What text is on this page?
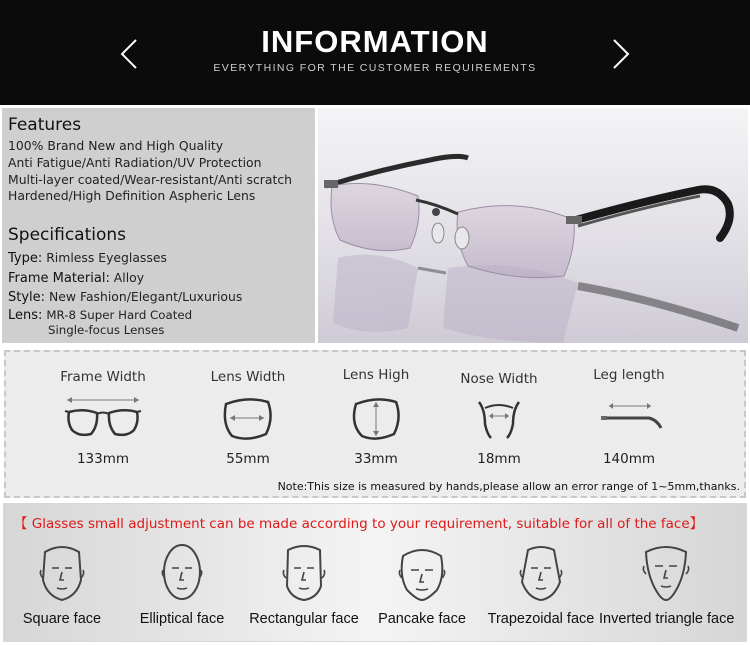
INFORMATION
EVERYTHING FOR THE CUSTOMER REQUIREMENTS
Features
100% Brand New and High Quality
Anti Fatigue/Anti Radiation/UV Protection
Multi-layer coated/Wear-resistant/Anti scratch
Hardened/High Definition Aspheric Lens
Specifications
Type: Rimless Eyeglasses
Frame Material: Alloy
Style: New Fashion/Elegant/Luxurious
Lens: MR-8 Super Hard Coated
Single-focus Lenses
Frame Width
133mm
Lens Width
55mm
Lens High
33mm
Nose Width
18mm
Leg length
140mm
Note:This size is measured by hands,please allow an error range of 1~5mm,thanks.
【 Glasses small adjustment can be made according to your requirement, suitable for all of the face】
Square face	Elliptical face	Rectangular face	Pancake face	Trapezoidal face Inverted triangle face
